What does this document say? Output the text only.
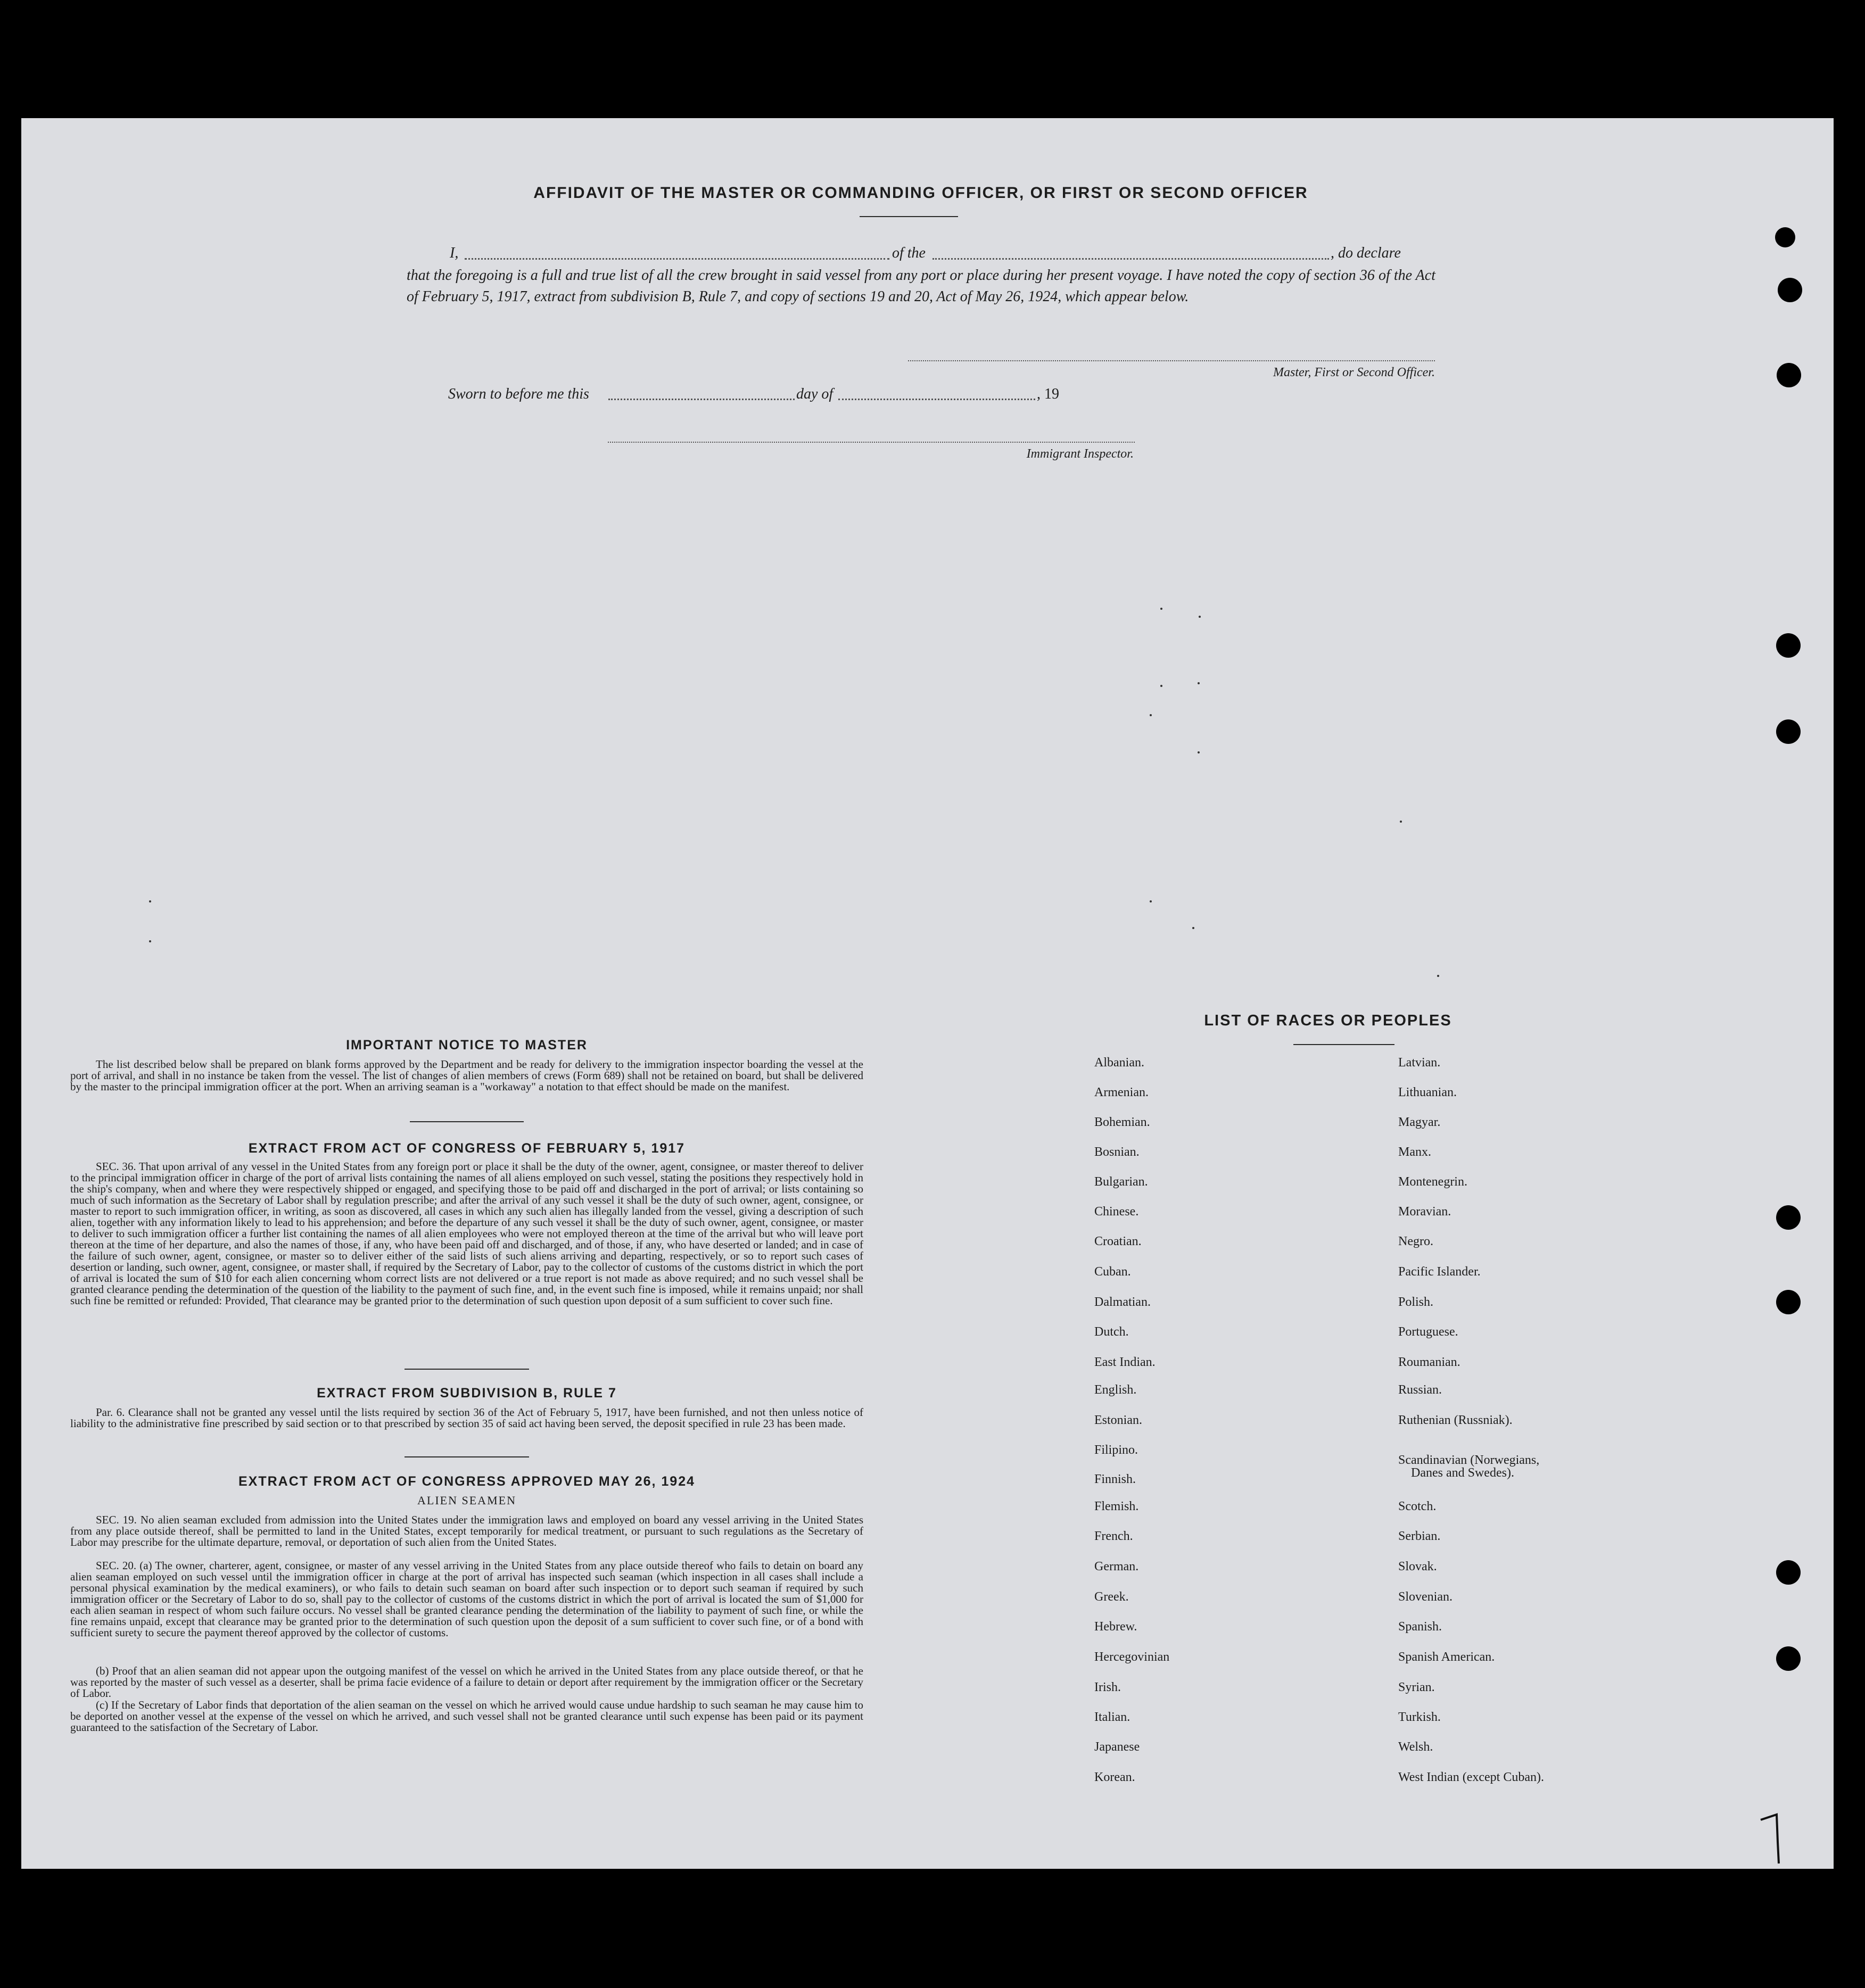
AFFIDAVIT OF THE MASTER OR COMMANDING OFFICER, OR FIRST OR SECOND OFFICER
I,	of the	, do declare
that the foregoing is a full and true list of all the crew brought in said vessel from any port or place during her present voyage. I have noted the copy of section 36 of the Act of February 5, 1917, extract from subdivision B, Rule 7, and copy of sections 19 and 20, Act of May 26, 1924, which appear below.
Master, First or Second Officer.
Sworn to before me this	day of	, 19
Immigrant Inspector.
IMPORTANT NOTICE TO MASTER
The list described below shall be prepared on blank forms approved by the Department and be ready for delivery to the immigration inspector boarding the vessel at the port of arrival, and shall in no instance be taken from the vessel. The list of changes of alien members of crews (Form 689) shall not be retained on board, but shall be delivered by the master to the principal immigration officer at the port. When an arriving seaman is a "workaway" a notation to that effect should be made on the manifest.
EXTRACT FROM ACT OF CONGRESS OF FEBRUARY 5, 1917
SEC. 36. That upon arrival of any vessel in the United States from any foreign port or place it shall be the duty of the owner, agent, consignee, or master thereof to deliver to the principal immigration officer in charge of the port of arrival lists containing the names of all aliens employed on such vessel, stating the positions they respectively hold in the ship's company, when and where they were respectively shipped or engaged, and specifying those to be paid off and discharged in the port of arrival; or lists containing so much of such information as the Secretary of Labor shall by regulation prescribe; and after the arrival of any such vessel it shall be the duty of such owner, agent, consignee, or master to report to such immigration officer, in writing, as soon as discovered, all cases in which any such alien has illegally landed from the vessel, giving a description of such alien, together with any information likely to lead to his apprehension; and before the departure of any such vessel it shall be the duty of such owner, agent, consignee, or master to deliver to such immigration officer a further list containing the names of all alien employees who were not employed thereon at the time of the arrival but who will leave port thereon at the time of her departure, and also the names of those, if any, who have been paid off and discharged, and of those, if any, who have deserted or landed; and in case of the failure of such owner, agent, consignee, or master so to deliver either of the said lists of such aliens arriving and departing, respectively, or so to report such cases of desertion or landing, such owner, agent, consignee, or master shall, if required by the Secretary of Labor, pay to the collector of customs of the customs district in which the port of arrival is located the sum of $10 for each alien concerning whom correct lists are not delivered or a true report is not made as above required; and no such vessel shall be granted clearance pending the determination of the question of the liability to the payment of such fine, and, in the event such fine is imposed, while it remains unpaid; nor shall such fine be remitted or refunded: Provided, That clearance may be granted prior to the determination of such question upon deposit of a sum sufficient to cover such fine.
EXTRACT FROM SUBDIVISION B, RULE 7
Par. 6. Clearance shall not be granted any vessel until the lists required by section 36 of the Act of February 5, 1917, have been furnished, and not then unless notice of liability to the administrative fine prescribed by said section or to that prescribed by section 35 of said act having been served, the deposit specified in rule 23 has been made.
EXTRACT FROM ACT OF CONGRESS APPROVED MAY 26, 1924
ALIEN SEAMEN
SEC. 19. No alien seaman excluded from admission into the United States under the immigration laws and employed on board any vessel arriving in the United States from any place outside thereof, shall be permitted to land in the United States, except temporarily for medical treatment, or pursuant to such regulations as the Secretary of Labor may prescribe for the ultimate departure, removal, or deportation of such alien from the United States.
SEC. 20. (a) The owner, charterer, agent, consignee, or master of any vessel arriving in the United States from any place outside thereof who fails to detain on board any alien seaman employed on such vessel until the immigration officer in charge at the port of arrival has inspected such seaman (which inspection in all cases shall include a personal physical examination by the medical examiners), or who fails to detain such seaman on board after such inspection or to deport such seaman if required by such immigration officer or the Secretary of Labor to do so, shall pay to the collector of customs of the customs district in which the port of arrival is located the sum of $1,000 for each alien seaman in respect of whom such failure occurs. No vessel shall be granted clearance pending the determination of the liability to payment of such fine, or while the fine remains unpaid, except that clearance may be granted prior to the determination of such question upon the deposit of a sum sufficient to cover such fine, or of a bond with sufficient surety to secure the payment thereof approved by the collector of customs.
(b) Proof that an alien seaman did not appear upon the outgoing manifest of the vessel on which he arrived in the United States from any place outside thereof, or that he was reported by the master of such vessel as a deserter, shall be prima facie evidence of a failure to detain or deport after requirement by the immigration officer or the Secretary of Labor.
(c) If the Secretary of Labor finds that deportation of the alien seaman on the vessel on which he arrived would cause undue hardship to such seaman he may cause him to be deported on another vessel at the expense of the vessel on which he arrived, and such vessel shall not be granted clearance until such expense has been paid or its payment guaranteed to the satisfaction of the Secretary of Labor.
LIST OF RACES OR PEOPLES
Albanian.
Armenian.
Bohemian.
Bosnian.
Bulgarian.
Chinese.
Croatian.
Cuban.
Dalmatian.
Dutch.
East Indian.
English.
Estonian.
Filipino.
Finnish.
Flemish.
French.
German.
Greek.
Hebrew.
Hercegovinian
Irish.
Italian.
Japanese
Korean.
Latvian.
Lithuanian.
Magyar.
Manx.
Montenegrin.
Moravian.
Negro.
Pacific Islander.
Polish.
Portuguese.
Roumanian.
Russian.
Ruthenian (Russniak).
Scandinavian (Norwegians,
Scotch.
Serbian.
Slovak.
Slovenian.
Spanish.
Spanish American.
Syrian.
Turkish.
Welsh.
West Indian (except Cuban).
Danes and Swedes).
